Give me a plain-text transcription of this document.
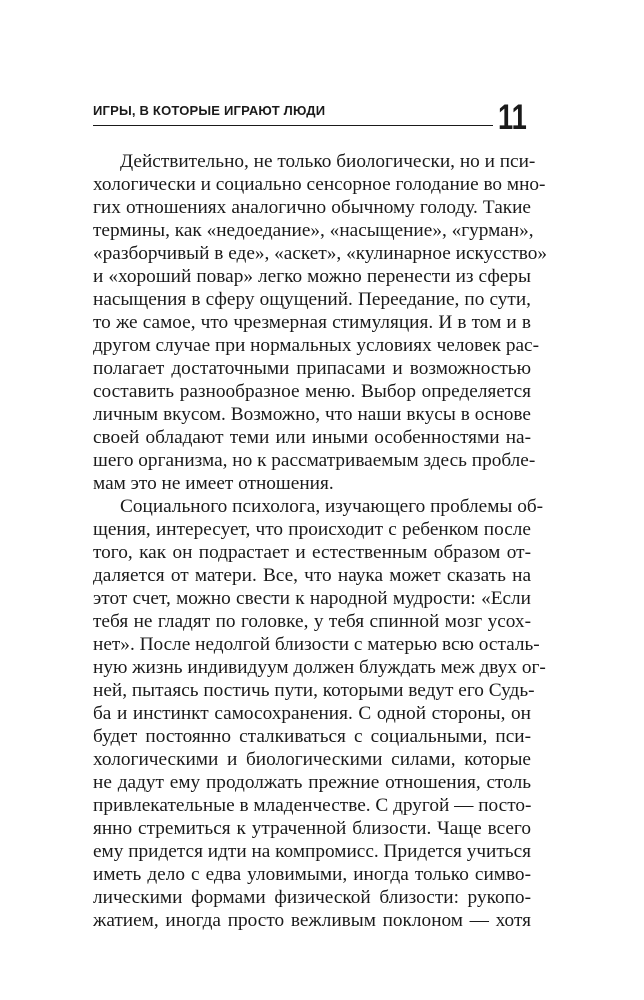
ИГРЫ, В КОТОРЫЕ ИГРАЮТ ЛЮДИ	11
Действительно, не только биологически, но и пси-
хологически и социально сенсорное голодание во мно-
гих отношениях аналогично обычному голоду. Такие
термины, как «недоедание», «насыщение», «гурман»,
«разборчивый в еде», «аскет», «кулинарное искусство»
и «хороший повар» легко можно перенести из сферы
насыщения в сферу ощущений. Переедание, по сути,
то же самое, что чрезмерная стимуляция. И в том и в
другом случае при нормальных условиях человек рас-
полагает достаточными припасами и возможностью
составить разнообразное меню. Выбор определяется
личным вкусом. Возможно, что наши вкусы в основе
своей обладают теми или иными особенностями на-
шего организма, но к рассматриваемым здесь пробле-
мам это не имеет отношения.
Социального психолога, изучающего проблемы об-
щения, интересует, что происходит с ребенком после
того, как он подрастает и естественным образом от-
даляется от матери. Все, что наука может сказать на
этот счет, можно свести к народной мудрости: «Если
тебя не гладят по головке, у тебя спинной мозг усох-
нет». После недолгой близости с матерью всю осталь-
ную жизнь индивидуум должен блуждать меж двух ог-
ней, пытаясь постичь пути, которыми ведут его Судь-
ба и инстинкт самосохранения. С одной стороны, он
будет постоянно сталкиваться с социальными, пси-
хологическими и биологическими силами, которые
не дадут ему продолжать прежние отношения, столь
привлекательные в младенчестве. С другой — посто-
янно стремиться к утраченной близости. Чаще всего
ему придется идти на компромисс. Придется учиться
иметь дело с едва уловимыми, иногда только симво-
лическими формами физической близости: рукопо-
жатием, иногда просто вежливым поклоном — хотя
